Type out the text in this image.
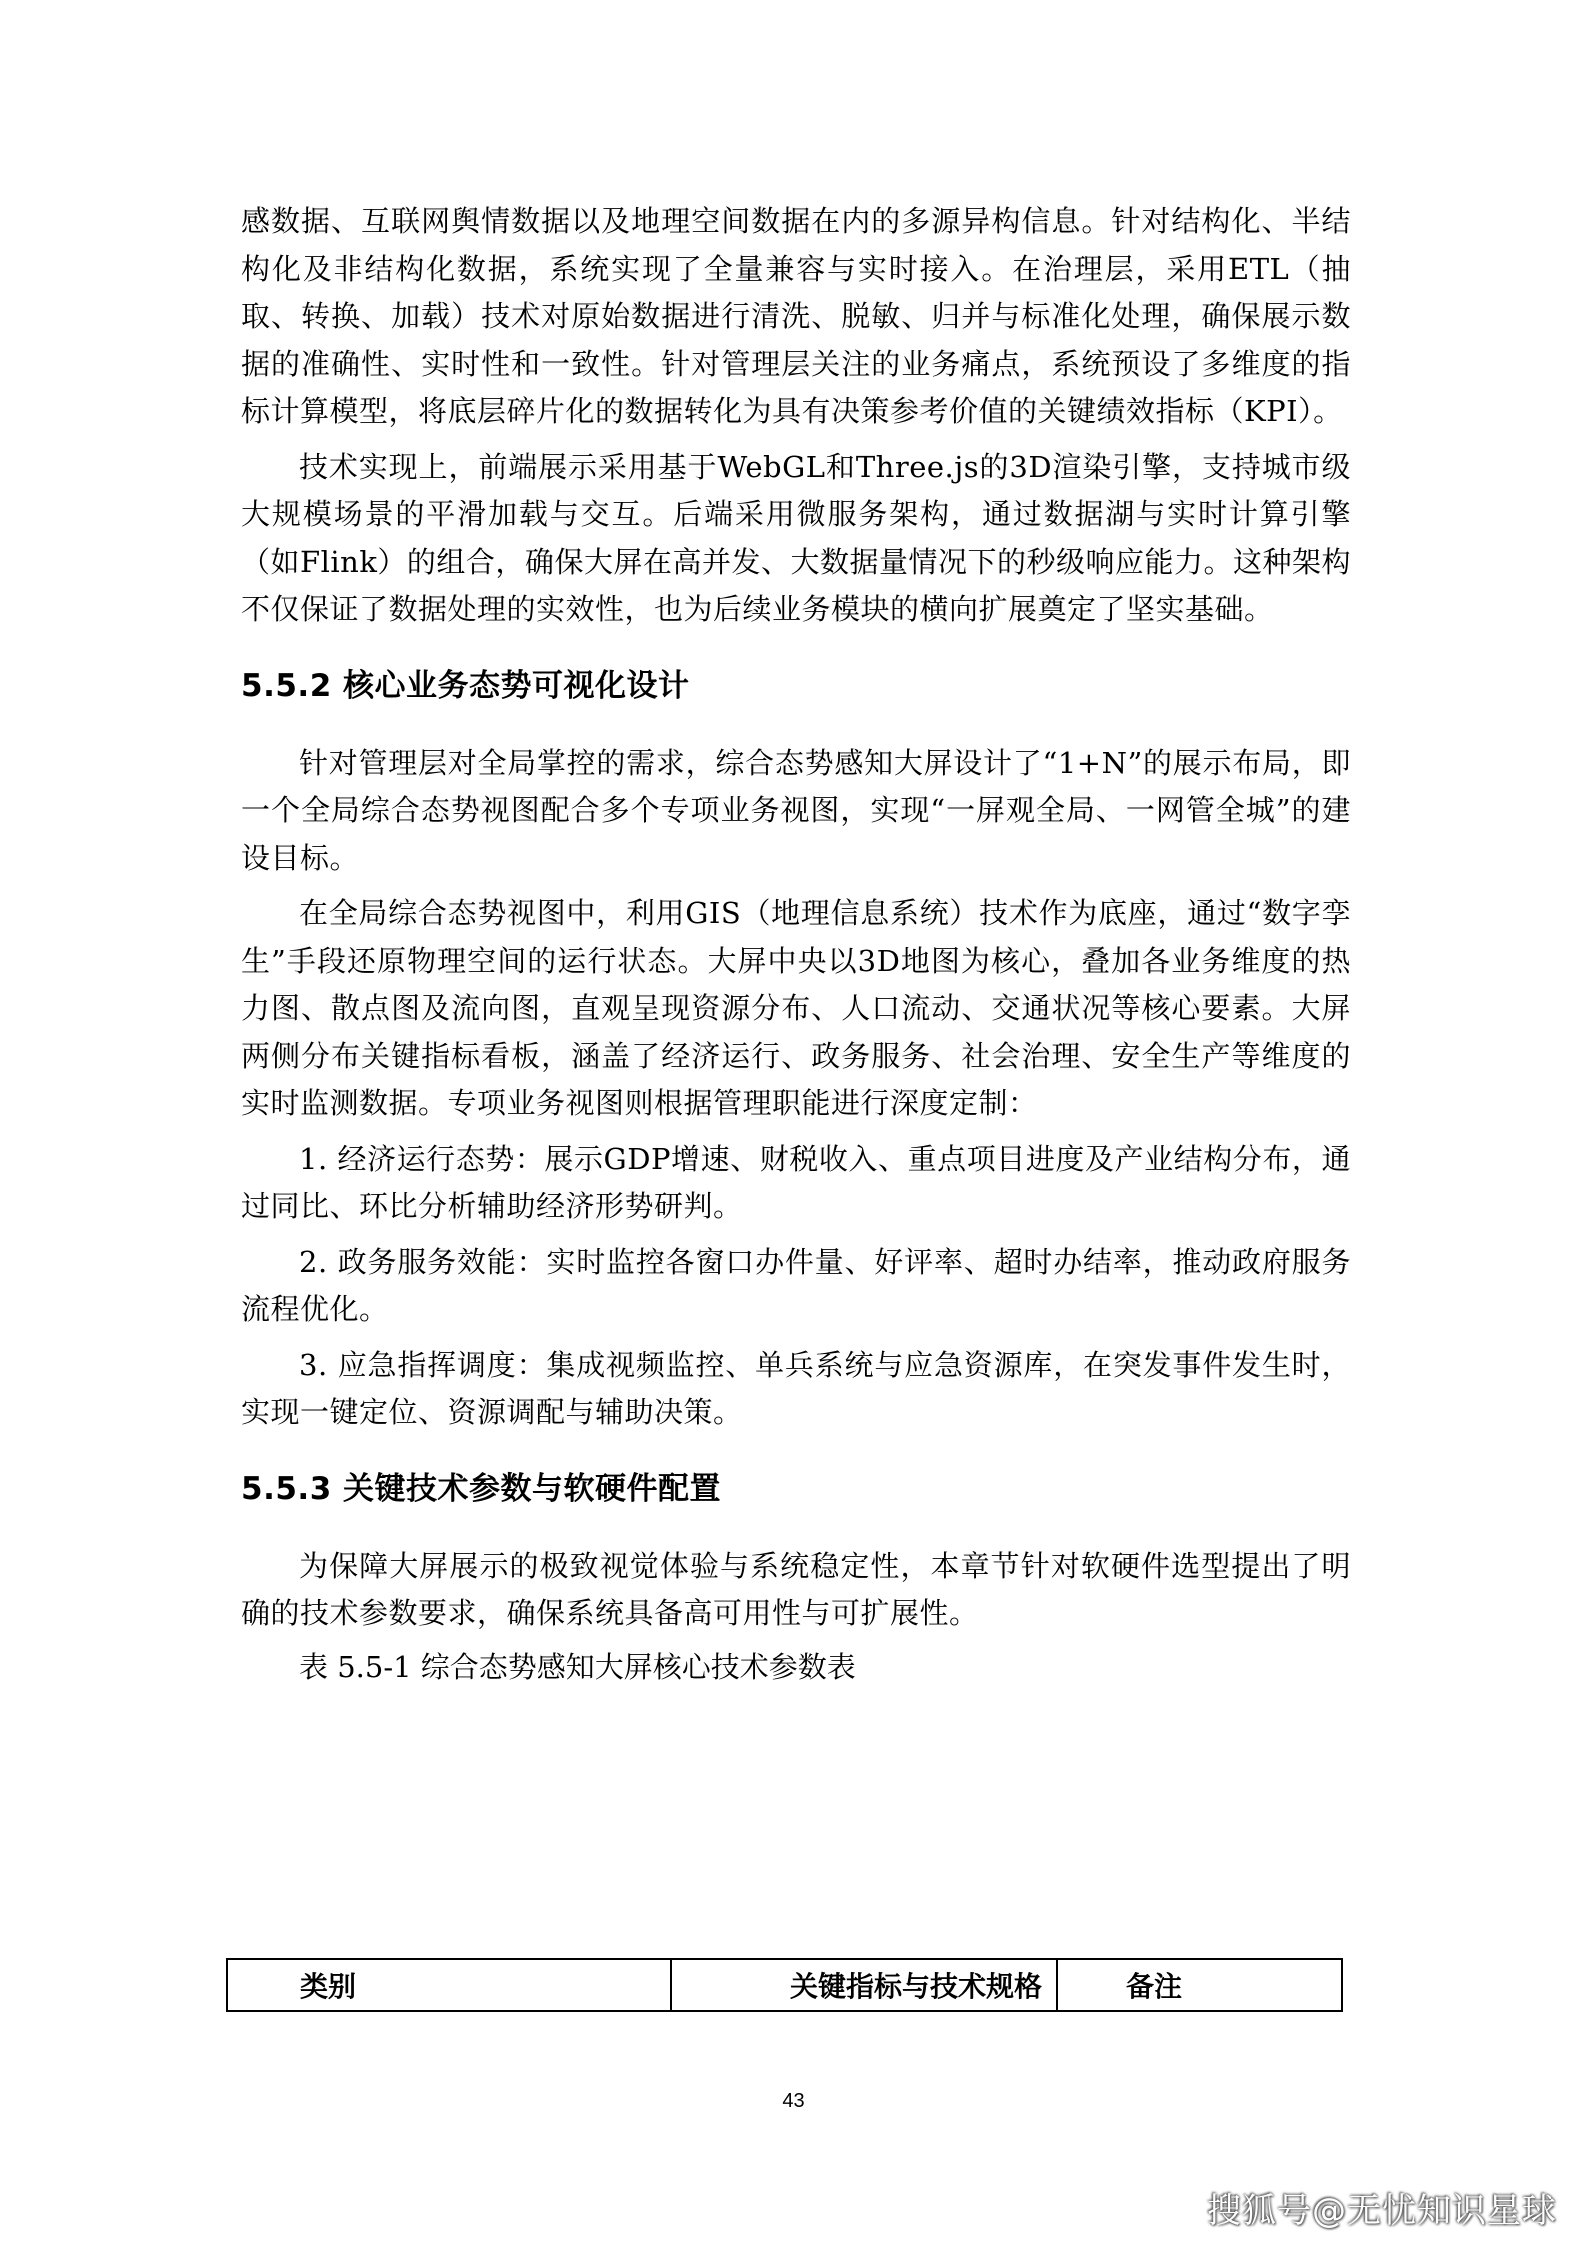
感数据、互联网舆情数据以及地理空间数据在内的多源异构信息。针对结构化、半结构化及非结构化数据，系统实现了全量兼容与实时接入。在治理层，采用ETL（抽取、转换、加载）技术对原始数据进行清洗、脱敏、归并与标准化处理，确保展示数据的准确性、实时性和一致性。针对管理层关注的业务痛点，系统预设了多维度的指标计算模型，将底层碎片化的数据转化为具有决策参考价值的关键绩效指标（KPI）。

技术实现上，前端展示采用基于WebGL和Three.js的3D渲染引擎，支持城市级大规模场景的平滑加载与交互。后端采用微服务架构，通过数据湖与实时计算引擎（如Flink）的组合，确保大屏在高并发、大数据量情况下的秒级响应能力。这种架构不仅保证了数据处理的实效性，也为后续业务模块的横向扩展奠定了坚实基础。

5.5.2 核心业务态势可视化设计

针对管理层对全局掌控的需求，综合态势感知大屏设计了“1+N”的展示布局，即一个全局综合态势视图配合多个专项业务视图，实现“一屏观全局、一网管全城”的建设目标。

在全局综合态势视图中，利用GIS（地理信息系统）技术作为底座，通过“数字孪生”手段还原物理空间的运行状态。大屏中央以3D地图为核心，叠加各业务维度的热力图、散点图及流向图，直观呈现资源分布、人口流动、交通状况等核心要素。大屏两侧分布关键指标看板，涵盖了经济运行、政务服务、社会治理、安全生产等维度的实时监测数据。专项业务视图则根据管理职能进行深度定制：

1. 经济运行态势：展示GDP增速、财税收入、重点项目进度及产业结构分布，通过同比、环比分析辅助经济形势研判。

2. 政务服务效能：实时监控各窗口办件量、好评率、超时办结率，推动政府服务流程优化。

3. 应急指挥调度：集成视频监控、单兵系统与应急资源库，在突发事件发生时，实现一键定位、资源调配与辅助决策。

5.5.3 关键技术参数与软硬件配置

为保障大屏展示的极致视觉体验与系统稳定性，本章节针对软硬件选型提出了明确的技术参数要求，确保系统具备高可用性与可扩展性。

表 5.5-1 综合态势感知大屏核心技术参数表

类别	关键指标与技术规格	备注
43
搜狐号@无忧知识星球
